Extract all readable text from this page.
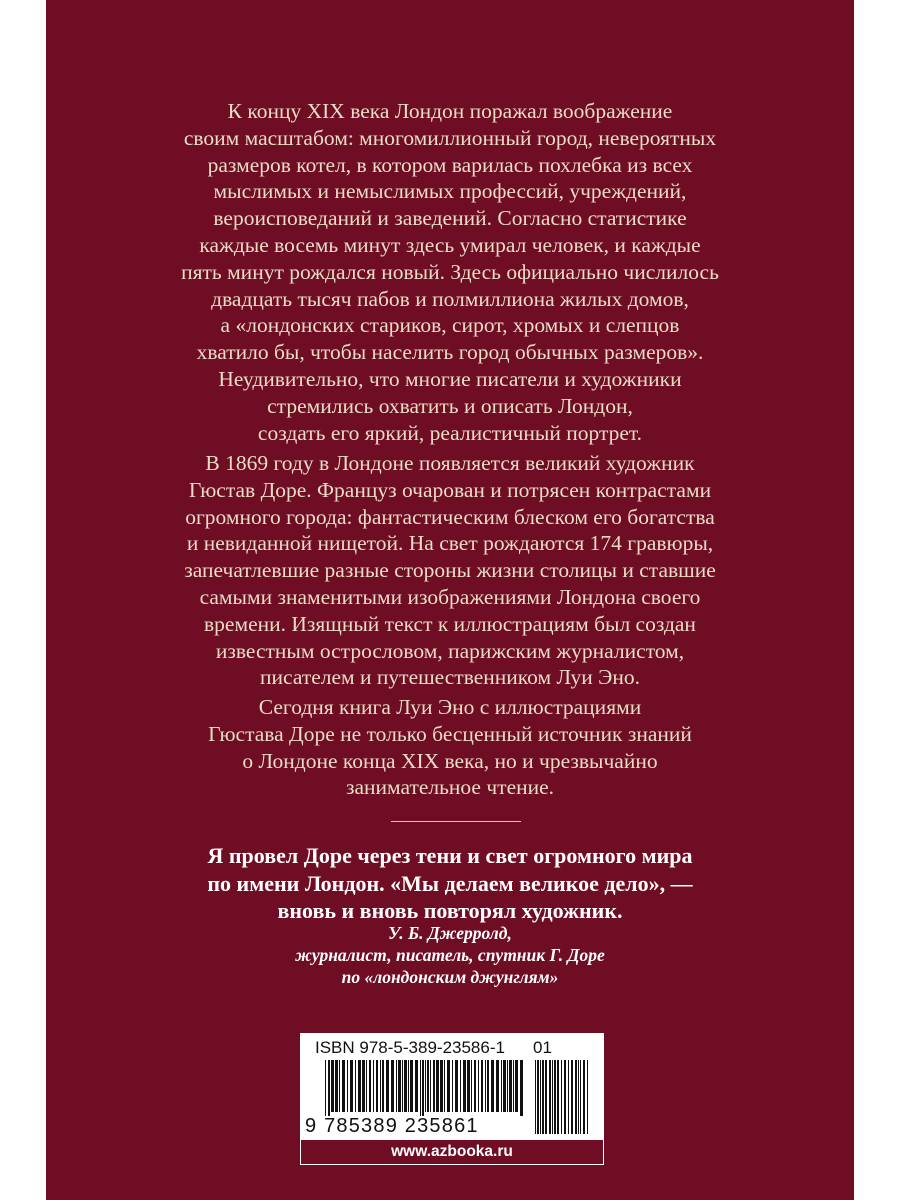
К концу XIX века Лондон поражал воображение
своим масштабом: многомиллионный город, невероятных
размеров котел, в котором варилась похлебка из всех
мыслимых и немыслимых профессий, учреждений,
вероисповеданий и заведений. Согласно статистике
каждые восемь минут здесь умирал человек, и каждые
пять минут рождался новый. Здесь официально числилось
двадцать тысяч пабов и полмиллиона жилых домов,
а «лондонских стариков, сирот, хромых и слепцов
хватило бы, чтобы населить город обычных размеров».
Неудивительно, что многие писатели и художники
стремились охватить и описать Лондон,
создать его яркий, реалистичный портрет.
В 1869 году в Лондоне появляется великий художник
Гюстав Доре. Француз очарован и потрясен контрастами
огромного города: фантастическим блеском его богатства
и невиданной нищетой. На свет рождаются 174 гравюры,
запечатлевшие разные стороны жизни столицы и ставшие
самыми знаменитыми изображениями Лондона своего
времени. Изящный текст к иллюстрациям был создан
известным острословом, парижским журналистом,
писателем и путешественником Луи Эно.
Сегодня книга Луи Эно с иллюстрациями
Гюстава Доре не только бесценный источник знаний
о Лондоне конца XIX века, но и чрезвычайно
занимательное чтение.
Я провел Доре через тени и свет огромного мира
по имени Лондон. «Мы делаем великое дело», —
вновь и вновь повторял художник.
У. Б. Джерролд,
журналист, писатель, спутник Г. Доре
по «лондонским джунглям»
ISBN 978-5-389-23586-1	01
9 785389 235861
www.azbooka.ru
